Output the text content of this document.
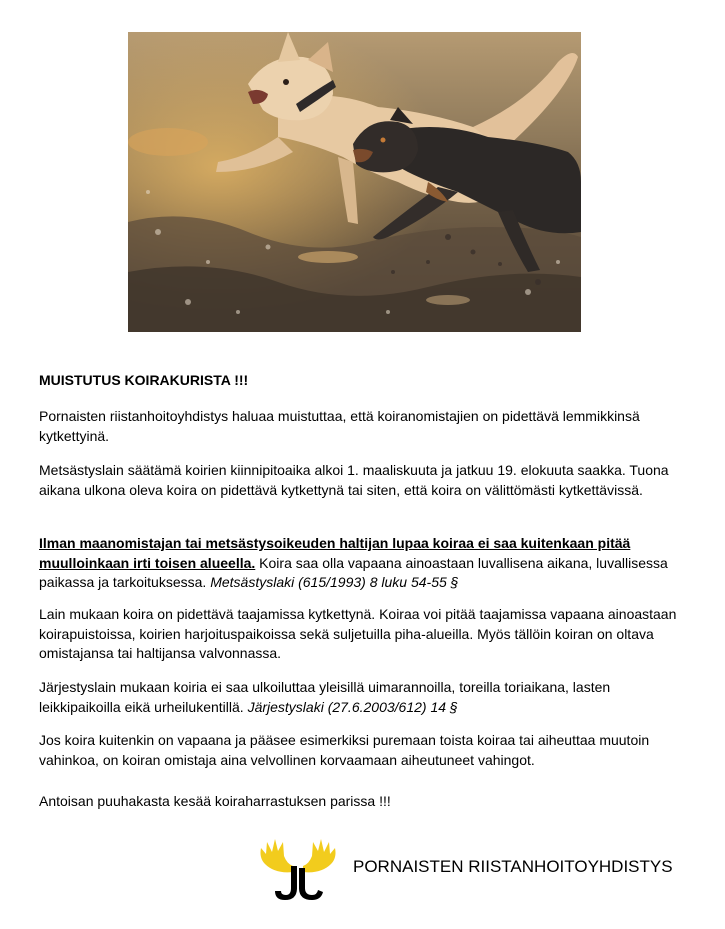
MUISTUTUS KOIRAKURISTA !!!
Pornaisten riistanhoitoyhdistys haluaa muistuttaa, että koiranomistajien on pidettävä lemmikkinsä kytkettyinä.
Metsästyslain säätämä koirien kiinnipitoaika alkoi 1. maaliskuuta ja jatkuu 19. elokuuta saakka. Tuona aikana ulkona oleva koira on pidettävä kytkettynä tai siten, että koira on välittömästi kytkettävissä.
Ilman maanomistajan tai metsästysoikeuden haltijan lupaa koiraa ei saa kuitenkaan pitää muulloinkaan irti toisen alueella. Koira saa olla vapaana ainoastaan luvallisena aikana, luvallisessa paikassa ja tarkoituksessa. Metsästyslaki (615/1993) 8 luku 54-55 §
Lain mukaan koira on pidettävä taajamissa kytkettynä. Koiraa voi pitää taajamissa vapaana ainoastaan koirapuistoissa, koirien harjoituspaikoissa sekä suljetuilla piha-alueilla. Myös tällöin koiran on oltava omistajansa tai haltijansa valvonnassa.
Järjestyslain mukaan koiria ei saa ulkoiluttaa yleisillä uimarannoilla, toreilla toriaikana, lasten leikkipaikoilla eikä urheilukentillä. Järjestyslaki (27.6.2003/612) 14 §
Jos koira kuitenkin on vapaana ja pääsee esimerkiksi puremaan toista koiraa tai aiheuttaa muutoin vahinkoa, on koiran omistaja aina velvollinen korvaamaan aiheutuneet vahingot.
Antoisan puuhakasta kesää koiraharrastuksen parissa !!!
PORNAISTEN RIISTANHOITOYHDISTYS
